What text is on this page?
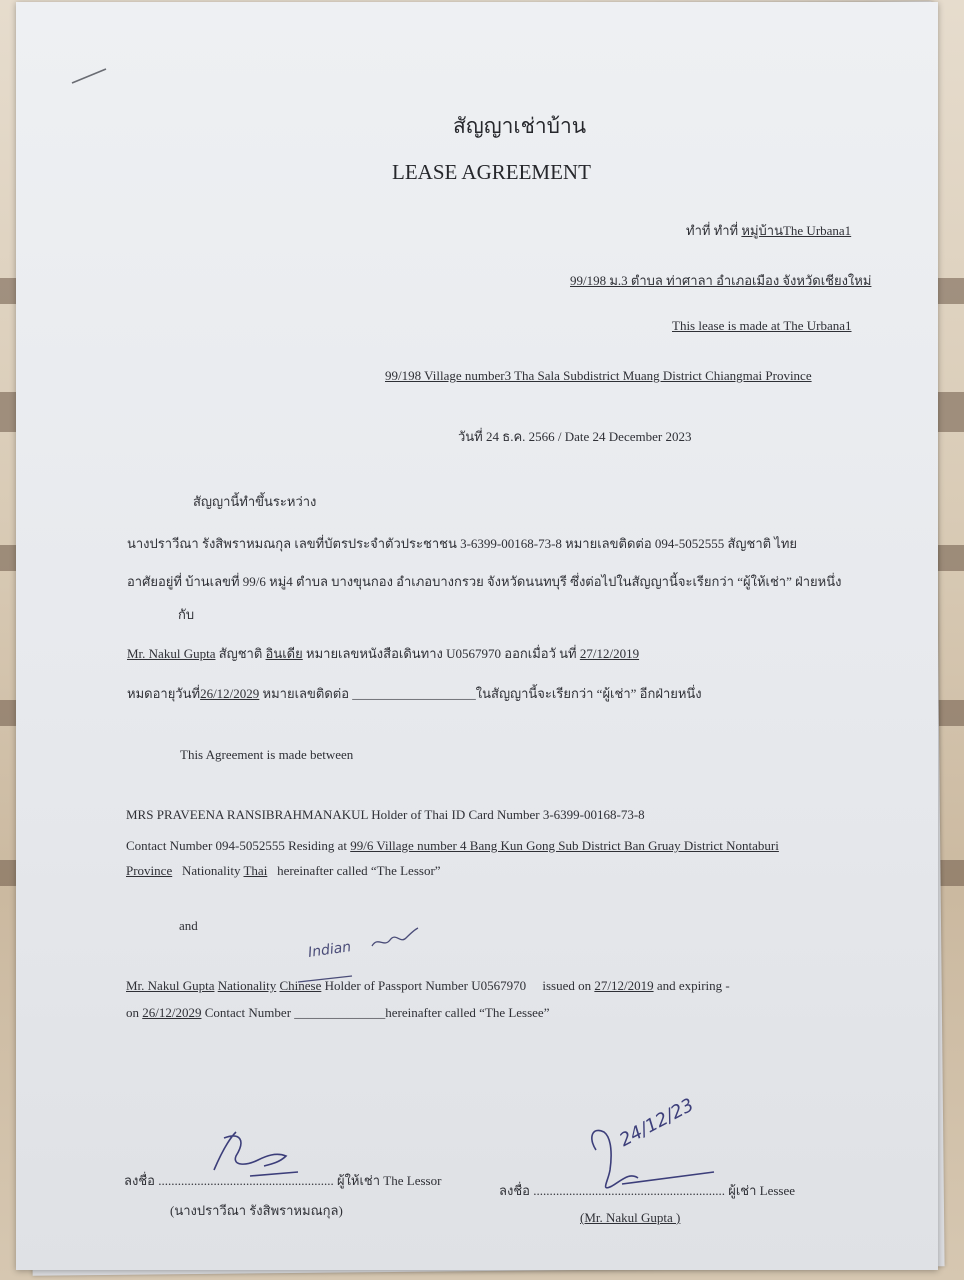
สัญญาเช่าบ้าน
LEASE AGREEMENT
ทำที่ ทำที่ หมู่บ้านThe Urbana1
99/198 ม.3 ตำบล ท่าศาลา อำเภอเมือง จังหวัดเชียงใหม่
This lease is made at The Urbana1
99/198 Village number3 Tha Sala Subdistrict Muang District Chiangmai Province
วันที่ 24 ธ.ค. 2566 / Date 24 December 2023
สัญญานี้ทำขึ้นระหว่าง
นางปราวีณา รังสิพราหมณกุล เลขที่บัตรประจำตัวประชาชน 3-6399-00168-73-8 หมายเลขติดต่อ 094-5052555 สัญชาติ ไทย
อาศัยอยู่ที่ บ้านเลขที่ 99/6 หมู่4 ตำบล บางขุนกอง อำเภอบางกรวย จังหวัดนนทบุรี ซึ่งต่อไปในสัญญานี้จะเรียกว่า “ผู้ให้เช่า” ฝ่ายหนึ่ง
กับ
Mr. Nakul Gupta สัญชาติ อินเดีย หมายเลขหนังสือเดินทาง U0567970 ออกเมื่อวั นที่ 27/12/2019
หมดอายุวันที่26/12/2029 หมายเลขติดต่อ ___________________ในสัญญานี้จะเรียกว่า “ผู้เช่า” อีกฝ่ายหนึ่ง
This Agreement is made between
MRS PRAVEENA RANSIBRAHMANAKUL Holder of Thai ID Card Number 3-6399-00168-73-8
Contact Number 094-5052555 Residing at 99/6 Village number 4 Bang Kun Gong Sub District Ban Gruay District Nontaburi
Province Nationality Thai hereinafter called “The Lessor”
and
Indian
Mr. Nakul Gupta Nationality Chinese Holder of Passport Number U0567970 issued on 27/12/2019 and expiring -
on 26/12/2029 Contact Number ______________hereinafter called “The Lessee”
ลงชื่อ ...................................................... ผู้ให้เช่า The Lessor
(นางปราวีณา รังสิพราหมณกุล)
24/12/23
ลงชื่อ ........................................................... ผู้เช่า Lessee
(Mr. Nakul Gupta )
